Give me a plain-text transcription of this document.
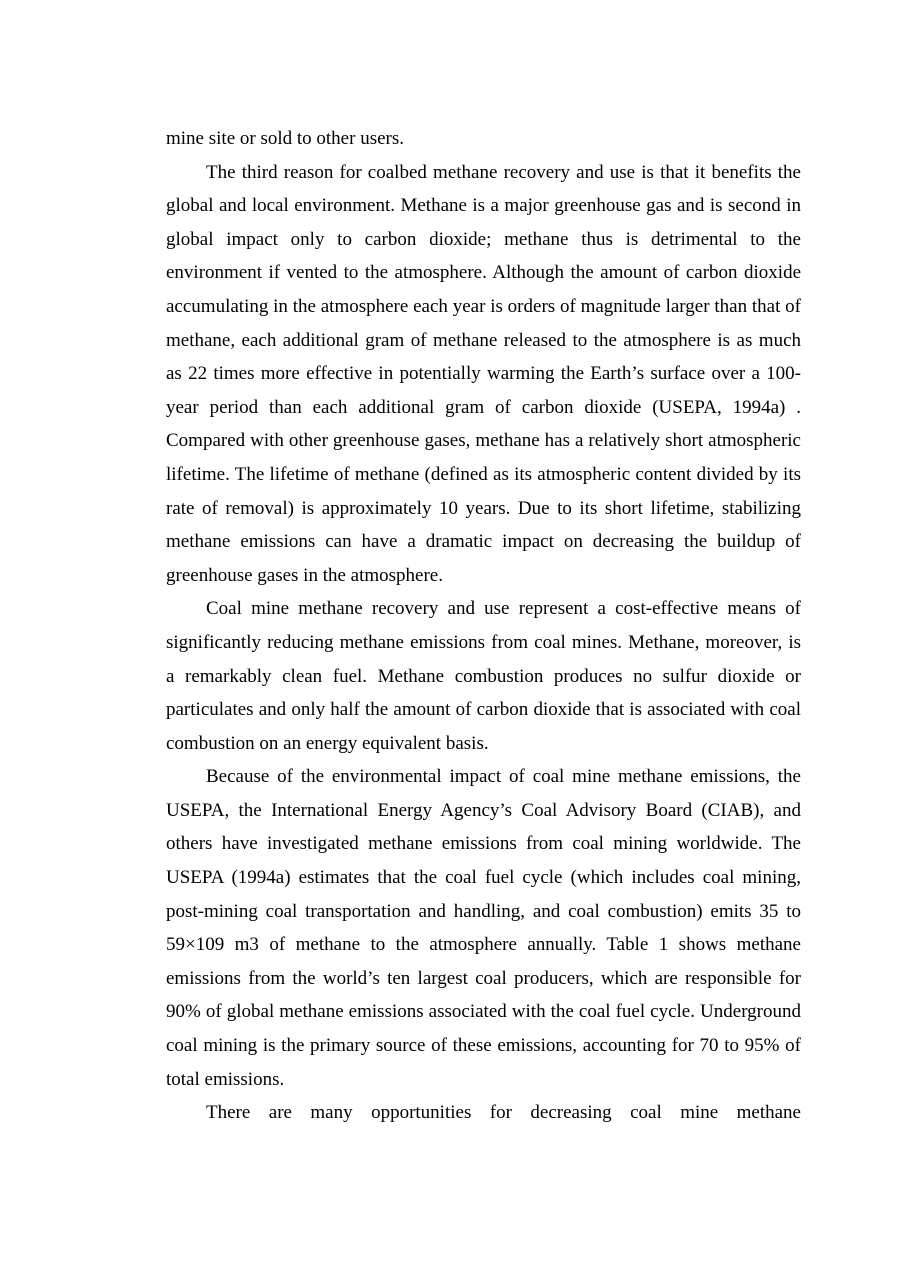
mine site or sold to other users.

The third reason for coalbed methane recovery and use is that it benefits the global and local environment. Methane is a major greenhouse gas and is second in global impact only to carbon dioxide; methane thus is detrimental to the environment if vented to the atmosphere. Although the amount of carbon dioxide accumulating in the atmosphere each year is orders of magnitude larger than that of methane, each additional gram of methane released to the atmosphere is as much as 22 times more effective in potentially warming the Earth’s surface over a 100-year period than each additional gram of carbon dioxide (USEPA, 1994a) . Compared with other greenhouse gases, methane has a relatively short atmospheric lifetime. The lifetime of methane (defined as its atmospheric content divided by its rate of removal) is approximately 10 years. Due to its short lifetime, stabilizing methane emissions can have a dramatic impact on decreasing the buildup of greenhouse gases in the atmosphere.

Coal mine methane recovery and use represent a cost-effective means of significantly reducing methane emissions from coal mines. Methane, moreover, is a remarkably clean fuel. Methane combustion produces no sulfur dioxide or particulates and only half the amount of carbon dioxide that is associated with coal combustion on an energy equivalent basis.

Because of the environmental impact of coal mine methane emissions, the USEPA, the International Energy Agency’s Coal Advisory Board (CIAB), and others have investigated methane emissions from coal mining worldwide. The USEPA (1994a) estimates that the coal fuel cycle (which includes coal mining, post-mining coal transportation and handling, and coal combustion) emits 35 to 59×109 m3 of methane to the atmosphere annually. Table 1 shows methane emissions from the world’s ten largest coal producers, which are responsible for 90% of global methane emissions associated with the coal fuel cycle. Underground coal mining is the primary source of these emissions, accounting for 70 to 95% of total emissions.

There are many opportunities for decreasing coal mine methane
